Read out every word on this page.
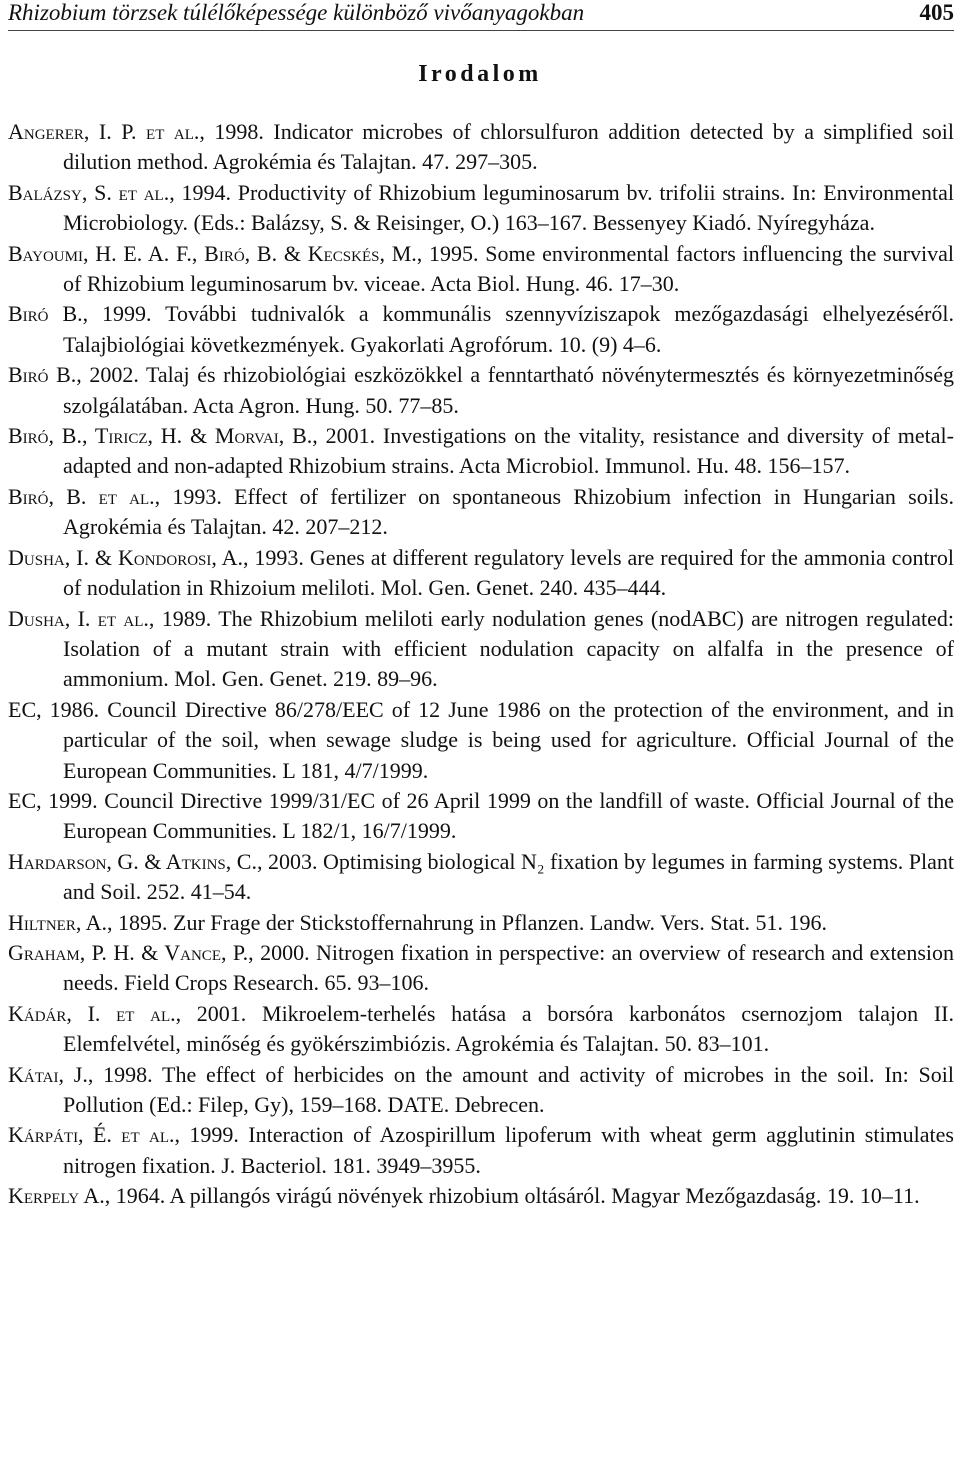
Rhizobium törzsek túlélőképessége különböző vivőanyagokban	405
Irodalom
Angerer, I. P. et al., 1998. Indicator microbes of chlorsulfuron addition detected by a simplified soil dilution method. Agrokémia és Talajtan. 47. 297–305.
Balázsy, S. et al., 1994. Productivity of Rhizobium leguminosarum bv. trifolii strains. In: Environmental Microbiology. (Eds.: Balázsy, S. & Reisinger, O.) 163–167. Bessenyey Kiadó. Nyíregyháza.
Bayoumi, H. E. A. F., Biró, B. & Kecskés, M., 1995. Some environmental factors influencing the survival of Rhizobium leguminosarum bv. viceae. Acta Biol. Hung. 46. 17–30.
Biró B., 1999. További tudnivalók a kommunális szennyvíziszapok mezőgazdasági elhelyezéséről. Talajbiológiai következmények. Gyakorlati Agrofórum. 10. (9) 4–6.
Biró B., 2002. Talaj és rhizobiológiai eszközökkel a fenntartható növénytermesztés és környezetminőség szolgálatában. Acta Agron. Hung. 50. 77–85.
Biró, B., Tiricz, H. & Morvai, B., 2001. Investigations on the vitality, resistance and diversity of metal-adapted and non-adapted Rhizobium strains. Acta Microbiol. Immunol. Hu. 48. 156–157.
Biró, B. et al., 1993. Effect of fertilizer on spontaneous Rhizobium infection in Hungarian soils. Agrokémia és Talajtan. 42. 207–212.
Dusha, I. & Kondorosi, A., 1993. Genes at different regulatory levels are required for the ammonia control of nodulation in Rhizoium meliloti. Mol. Gen. Genet. 240. 435–444.
Dusha, I. et al., 1989. The Rhizobium meliloti early nodulation genes (nodABC) are nitrogen regulated: Isolation of a mutant strain with efficient nodulation capacity on alfalfa in the presence of ammonium. Mol. Gen. Genet. 219. 89–96.
EC, 1986. Council Directive 86/278/EEC of 12 June 1986 on the protection of the environment, and in particular of the soil, when sewage sludge is being used for agriculture. Official Journal of the European Communities. L 181, 4/7/1999.
EC, 1999. Council Directive 1999/31/EC of 26 April 1999 on the landfill of waste. Official Journal of the European Communities. L 182/1, 16/7/1999.
Hardarson, G. & Atkins, C., 2003. Optimising biological N₂ fixation by legumes in farming systems. Plant and Soil. 252. 41–54.
Hiltner, A., 1895. Zur Frage der Stickstoffernahrung in Pflanzen. Landw. Vers. Stat. 51. 196.
Graham, P. H. & Vance, P., 2000. Nitrogen fixation in perspective: an overview of research and extension needs. Field Crops Research. 65. 93–106.
Kádár, I. et al., 2001. Mikroelem-terhelés hatása a borsóra karbonátos csernozjom talajon II. Elemfelvétel, minőség és gyökérszimbiózis. Agrokémia és Talajtan. 50. 83–101.
Kátai, J., 1998. The effect of herbicides on the amount and activity of microbes in the soil. In: Soil Pollution (Ed.: Filep, Gy), 159–168. DATE. Debrecen.
Kárpáti, É. et al., 1999. Interaction of Azospirillum lipoferum with wheat germ agglutinin stimulates nitrogen fixation. J. Bacteriol. 181. 3949–3955.
Kerpely A., 1964. A pillangós virágú növények rhizobium oltásáról. Magyar Mezőgazdaság. 19. 10–11.
